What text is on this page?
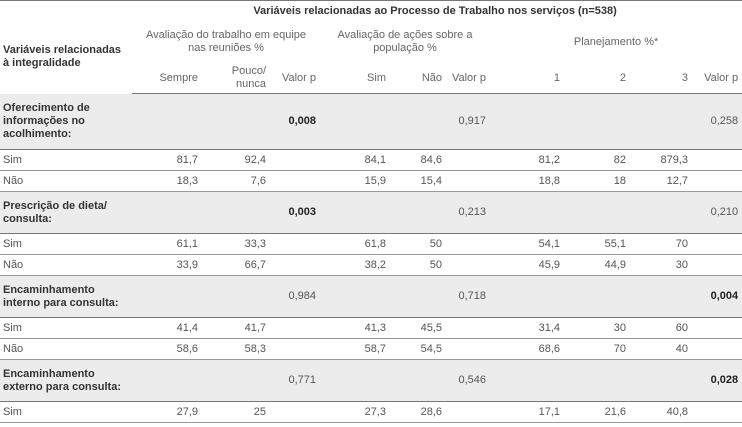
	Variáveis relacionadas ao Processo de Trabalho nos serviços (n=538)									
Variáveis relacionadas à integralidade	Avaliação do trabalho em equipe nas reuniões %			Avaliação de ações sobre a população %			Planejamento %*			
	Sempre	Pouco/ nunca	Valor p	Sim	Não	Valor p	1	2	3	Valor p
Oferecimento de informações no acolhimento:			0,008			0,917				0,258
Sim	81,7	92,4		84,1	84,6		81,2	82	879,3	
Não	18,3	7,6		15,9	15,4		18,8	18	12,7	
Prescrição de dieta/ consulta:			0,003			0,213				0,210
Sim	61,1	33,3		61,8	50		54,1	55,1	70	
Não	33,9	66,7		38,2	50		45,9	44,9	30	
Encaminhamento interno para consulta:			0,984			0,718				0,004
Sim	41,4	41,7		41,3	45,5		31,4	30	60	
Não	58,6	58,3		58,7	54,5		68,6	70	40	
Encaminhamento externo para consulta:			0,771			0,546				0,028
Sim	27,9	25		27,3	28,6		17,1	21,6	40,8	
